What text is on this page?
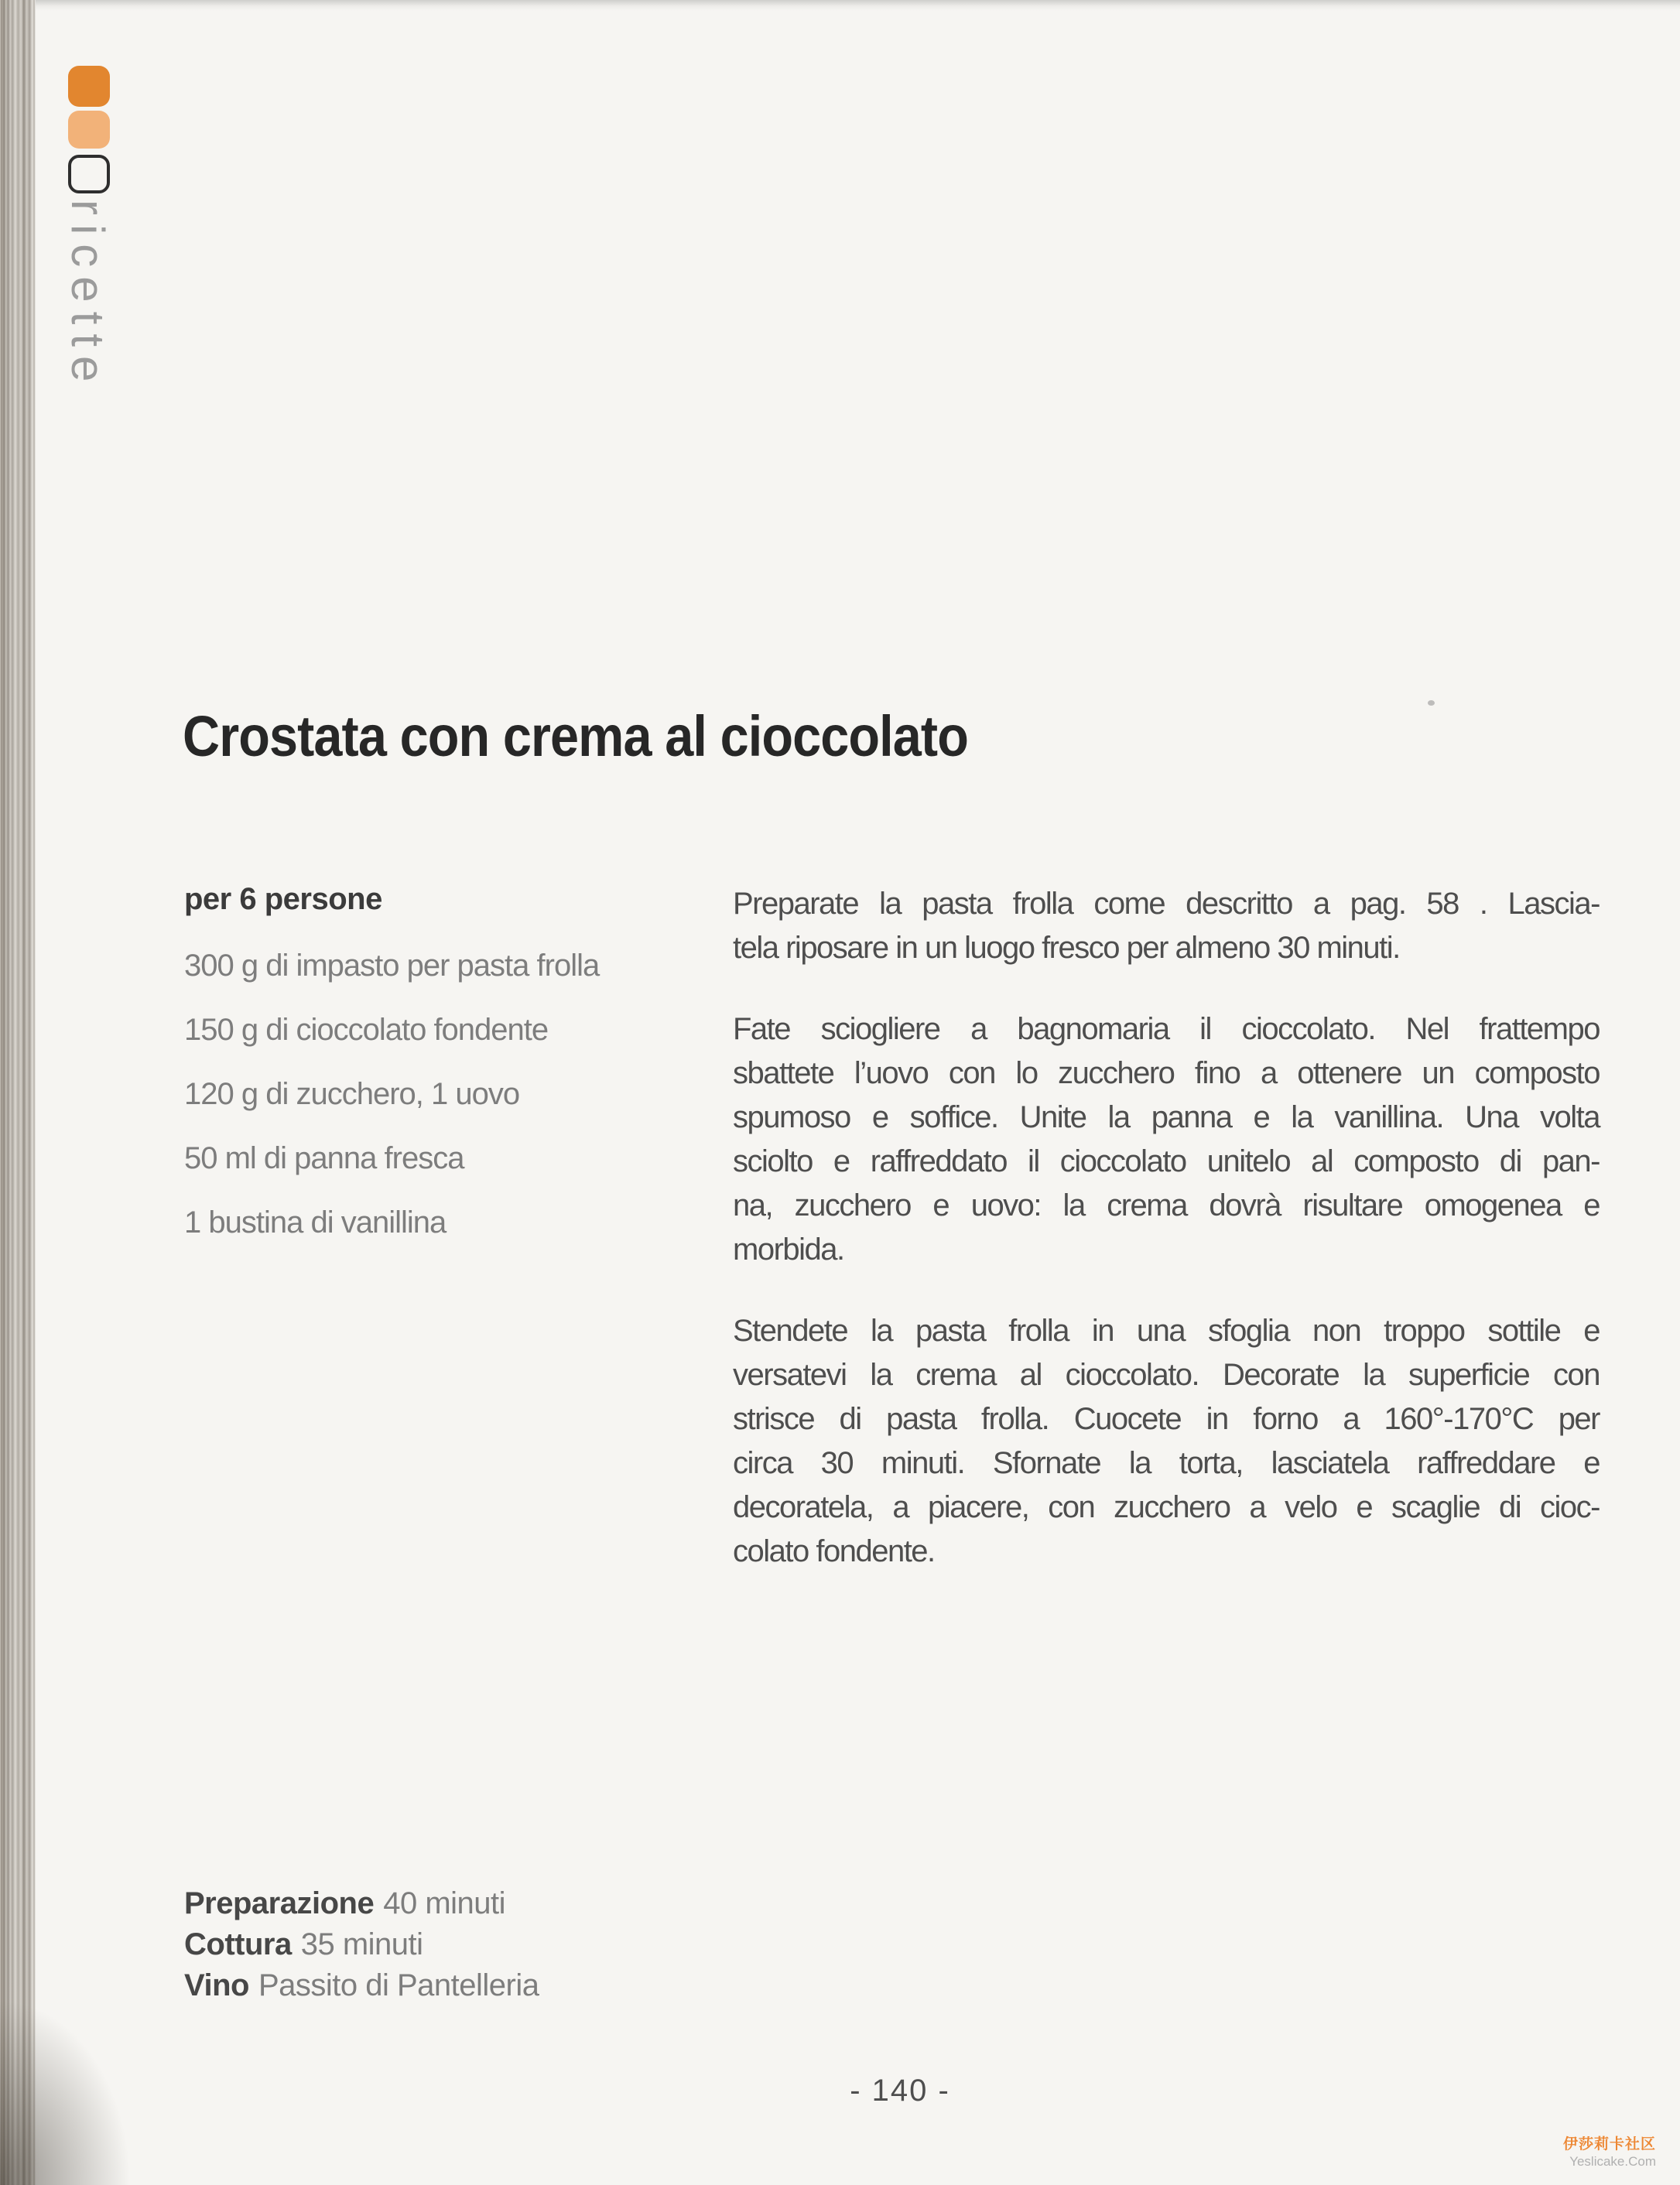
ricette
Crostata con crema al cioccolato
per 6 persone
300 g di impasto per pasta frolla
150 g di cioccolato fondente
120 g di zucchero, 1 uovo
50 ml di panna fresca
1 bustina di vanillina
Preparate la pasta frolla come descritto a pag. 58 . Lascia-
tela riposare in un luogo fresco per almeno 30 minuti.
Fate sciogliere a bagnomaria il cioccolato. Nel frattempo
sbattete l’uovo con lo zucchero fino a ottenere un composto
spumoso e soffice. Unite la panna e la vanillina. Una volta
sciolto e raffreddato il cioccolato unitelo al composto di pan-
na, zucchero e uovo: la crema dovrà risultare omogenea e
morbida.
Stendete la pasta frolla in una sfoglia non troppo sottile e
versatevi la crema al cioccolato. Decorate la superficie con
strisce di pasta frolla. Cuocete in forno a 160°-170°C per
circa 30 minuti. Sfornate la torta, lasciatela raffreddare e
decoratela, a piacere, con zucchero a velo e scaglie di cioc-
colato fondente.
Preparazione 40 minuti
Cottura 35 minuti
Vino Passito di Pantelleria
- 140 -
伊莎莉卡社区
Yeslicake.Com
